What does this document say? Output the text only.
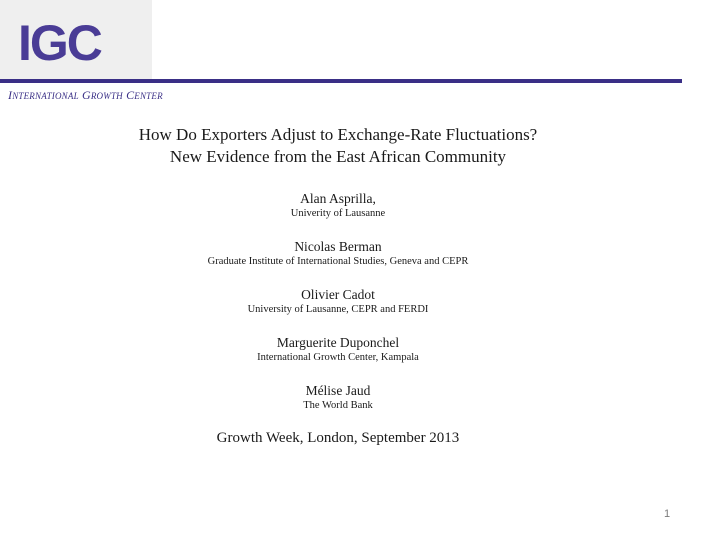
IGC
INTERNATIONAL GROWTH CENTER

How Do Exporters Adjust to Exchange-Rate Fluctuations?

New Evidence from the East African Community

Alan Asprilla,

Univerity of Lausanne

Nicolas Berman

Graduate Institute of International Studies, Geneva and CEPR

Olivier Cadot

University of Lausanne, CEPR and FERDI

Marguerite Duponchel

International Growth Center, Kampala

Mélise Jaud

The World Bank

Growth Week, London, September 2013

1
